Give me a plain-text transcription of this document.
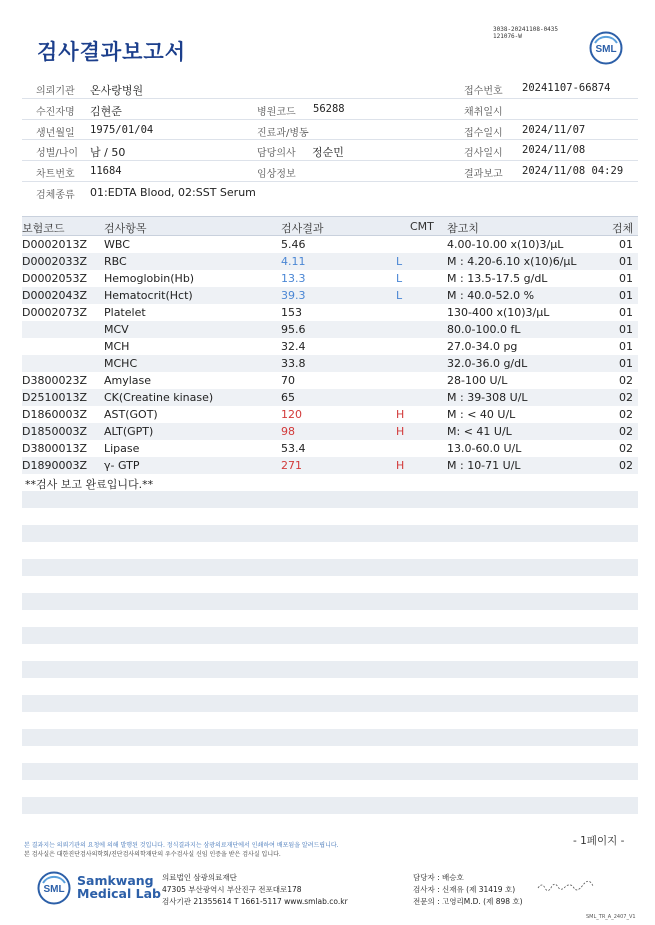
3038-20241108-0435
121076-W
검사결과보고서	SML
의뢰기관 온사랑병원	접수번호 20241107-66874
수진자명 김현준	병원코드 56288	채취일시
생년월일 1975/01/04	진료과/병동	접수일시 2024/11/07
성별/나이 남 / 50	담당의사 정순민	검사일시 2024/11/08
차트번호 11684	임상정보	결과보고 2024/11/08 04:29
검체종류 01:EDTA Blood, 02:SST Serum
보험코드	검사항목	검사결과	CMT 참고치	검체
D0002013Z WBC	5.46	4.00-10.00 x(10)3/μL	01
D0002033Z RBC	4.11	L	M : 4.20-6.10 x(10)6/μL	01
D0002053Z Hemoglobin(Hb)	13.3	L	M : 13.5-17.5 g/dL	01
D0002043Z Hematocrit(Hct)	39.3	L	M : 40.0-52.0 %	01
D0002073Z Platelet	153	130-400 x(10)3/μL	01
MCV	95.6	80.0-100.0 fL	01
MCH	32.4	27.0-34.0 pg	01
MCHC	33.8	32.0-36.0 g/dL	01
D3800023Z Amylase	70	28-100 U/L	02
D2510013Z CK(Creatine kinase)	65	M : 39-308 U/L	02
D1860003Z AST(GOT)	120	H	M : < 40 U/L	02
D1850003Z ALT(GPT)	98	H	M: < 41 U/L	02
D3800013Z Lipase	53.4	13.0-60.0 U/L	02
D1890003Z γ- GTP	271	H	M : 10-71 U/L	02
**검사 보고 완료입니다.**
- 1페이지 -
본 결과지는 의뢰기관의 요청에 의해 발행된 것입니다. 정식결과지는 삼광의료재단에서 인쇄하여 배포됨을 알려드립니다.
본 검사실은 대한진단검사의학회/진단검사의학재단의 우수검사실 신임 인증을 받은 검사실 입니다.
SML
Samkwang
Medical Lab
의료법인 삼광의료재단
47305 부산광역시 부산진구 전포대로178
검사기관 21355614 T 1661-5117 www.smlab.co.kr
담당자 : 배승호
검사자 : 신재유 (제 31419 호)
전문의 : 고영리M.D. (제 898 호)
SML_TR_A_2407_V1
